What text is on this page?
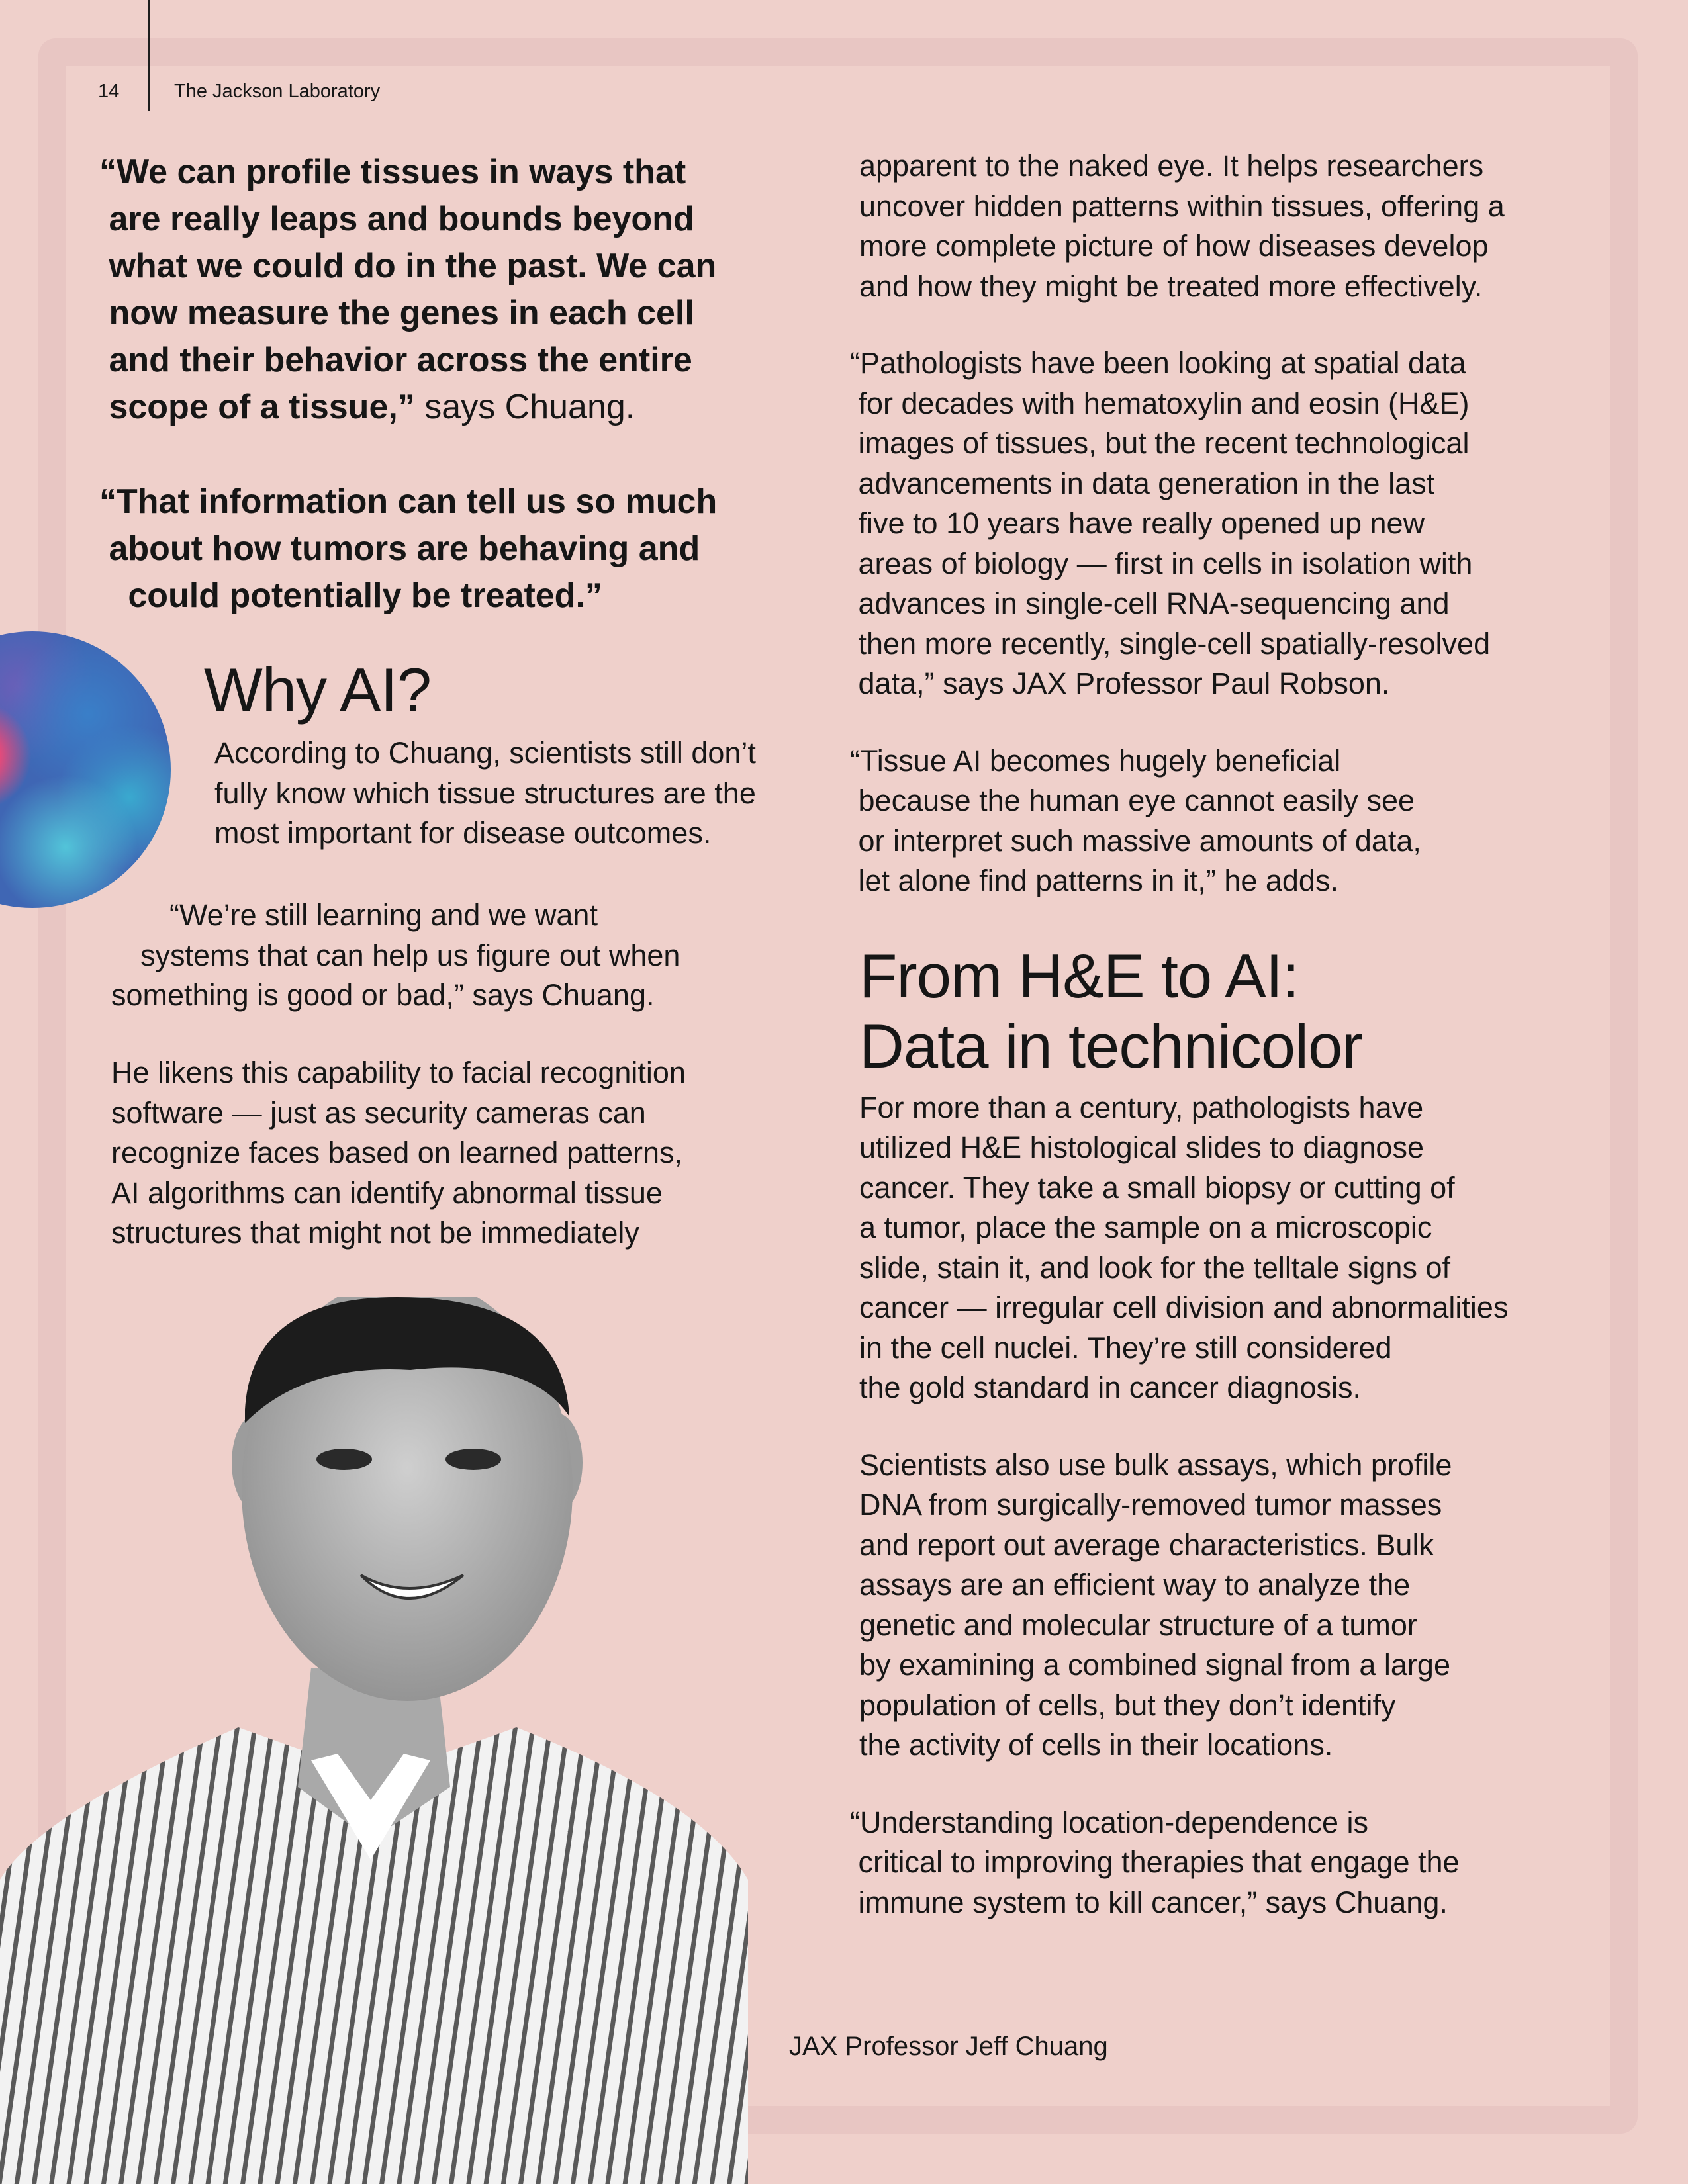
14	The Jackson Laboratory

“We can profile tissues in ways that
are really leaps and bounds beyond
what we could do in the past. We can
now measure the genes in each cell
and their behavior across the entire
scope of a tissue,” says Chuang.

“That information can tell us so much
about how tumors are behaving and
could potentially be treated.”

Why AI?

According to Chuang, scientists still don’t
fully know which tissue structures are the
most important for disease outcomes.

“We’re still learning and we want
systems that can help us figure out when
something is good or bad,” says Chuang.

He likens this capability to facial recognition
software — just as security cameras can
recognize faces based on learned patterns,
AI algorithms can identify abnormal tissue
structures that might not be immediately

JAX Professor Jeff Chuang

apparent to the naked eye. It helps researchers
uncover hidden patterns within tissues, offering a
more complete picture of how diseases develop
and how they might be treated more effectively.

“Pathologists have been looking at spatial data
for decades with hematoxylin and eosin (H&E)
images of tissues, but the recent technological
advancements in data generation in the last
five to 10 years have really opened up new
areas of biology — first in cells in isolation with
advances in single-cell RNA-sequencing and
then more recently, single-cell spatially-resolved
data,” says JAX Professor Paul Robson.

“Tissue AI becomes hugely beneficial
because the human eye cannot easily see
or interpret such massive amounts of data,
let alone find patterns in it,” he adds.

From H&E to AI:
Data in technicolor

For more than a century, pathologists have
utilized H&E histological slides to diagnose
cancer. They take a small biopsy or cutting of
a tumor, place the sample on a microscopic
slide, stain it, and look for the telltale signs of
cancer — irregular cell division and abnormalities
in the cell nuclei. They’re still considered
the gold standard in cancer diagnosis.

Scientists also use bulk assays, which profile
DNA from surgically-removed tumor masses
and report out average characteristics. Bulk
assays are an efficient way to analyze the
genetic and molecular structure of a tumor
by examining a combined signal from a large
population of cells, but they don’t identify
the activity of cells in their locations.

“Understanding location-dependence is
critical to improving therapies that engage the
immune system to kill cancer,” says Chuang.
